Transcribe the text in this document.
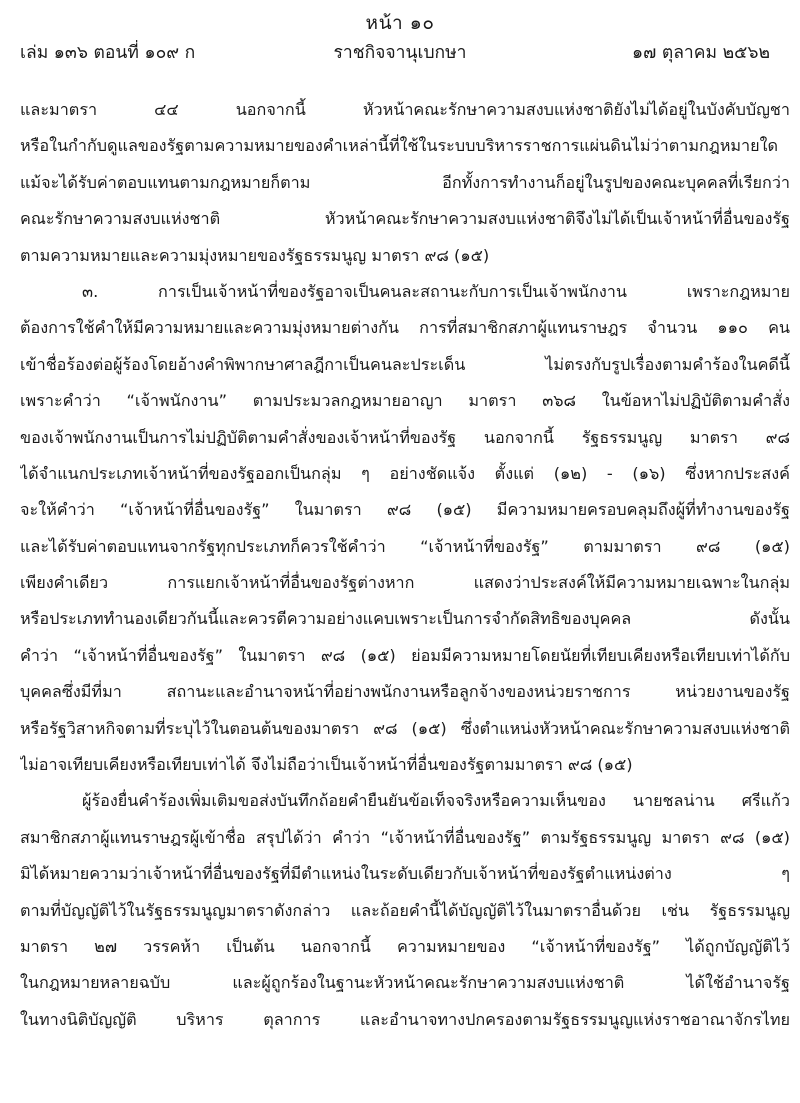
หน้า ๑๐
เล่ม ๑๓๖ ตอนที่ ๑๐๙ ก	ราชกิจจานุเบกษา	๑๗ ตุลาคม ๒๕๖๒
และมาตรา ๔๔ นอกจากนี้ หัวหน้าคณะรักษาความสงบแห่งชาติยังไม่ได้อยู่ในบังคับบัญชา
หรือในกำกับดูแลของรัฐตามความหมายของคำเหล่านี้ที่ใช้ในระบบบริหารราชการแผ่นดินไม่ว่าตามกฎหมายใด
แม้จะได้รับค่าตอบแทนตามกฎหมายก็ตาม อีกทั้งการทำงานก็อยู่ในรูปของคณะบุคคลที่เรียกว่า
คณะรักษาความสงบแห่งชาติ หัวหน้าคณะรักษาความสงบแห่งชาติจึงไม่ได้เป็นเจ้าหน้าที่อื่นของรัฐ
ตามความหมายและความมุ่งหมายของรัฐธรรมนูญ มาตรา ๙๘ (๑๕)
๓. การเป็นเจ้าหน้าที่ของรัฐอาจเป็นคนละสถานะกับการเป็นเจ้าพนักงาน เพราะกฎหมาย
ต้องการใช้คำให้มีความหมายและความมุ่งหมายต่างกัน การที่สมาชิกสภาผู้แทนราษฎร จำนวน ๑๑๐ คน
เข้าชื่อร้องต่อผู้ร้องโดยอ้างคำพิพากษาศาลฎีกาเป็นคนละประเด็น ไม่ตรงกับรูปเรื่องตามคำร้องในคดีนี้
เพราะคำว่า “เจ้าพนักงาน” ตามประมวลกฎหมายอาญา มาตรา ๓๖๘ ในข้อหาไม่ปฏิบัติตามคำสั่ง
ของเจ้าพนักงานเป็นการไม่ปฏิบัติตามคำสั่งของเจ้าหน้าที่ของรัฐ นอกจากนี้ รัฐธรรมนูญ มาตรา ๙๘
ได้จำแนกประเภทเจ้าหน้าที่ของรัฐออกเป็นกลุ่ม ๆ อย่างชัดแจ้ง ตั้งแต่ (๑๒) - (๑๖) ซึ่งหากประสงค์
จะให้คำว่า “เจ้าหน้าที่อื่นของรัฐ” ในมาตรา ๙๘ (๑๕) มีความหมายครอบคลุมถึงผู้ที่ทำงานของรัฐ
และได้รับค่าตอบแทนจากรัฐทุกประเภทก็ควรใช้คำว่า “เจ้าหน้าที่ของรัฐ” ตามมาตรา ๙๘ (๑๕)
เพียงคำเดียว การแยกเจ้าหน้าที่อื่นของรัฐต่างหาก แสดงว่าประสงค์ให้มีความหมายเฉพาะในกลุ่ม
หรือประเภททำนองเดียวกันนี้และควรตีความอย่างแคบเพราะเป็นการจำกัดสิทธิของบุคคล ดังนั้น
คำว่า “เจ้าหน้าที่อื่นของรัฐ” ในมาตรา ๙๘ (๑๕) ย่อมมีความหมายโดยนัยที่เทียบเคียงหรือเทียบเท่าได้กับ
บุคคลซึ่งมีที่มา สถานะและอำนาจหน้าที่อย่างพนักงานหรือลูกจ้างของหน่วยราชการ หน่วยงานของรัฐ
หรือรัฐวิสาหกิจตามที่ระบุไว้ในตอนต้นของมาตรา ๙๘ (๑๕) ซึ่งตำแหน่งหัวหน้าคณะรักษาความสงบแห่งชาติ
ไม่อาจเทียบเคียงหรือเทียบเท่าได้ จึงไม่ถือว่าเป็นเจ้าหน้าที่อื่นของรัฐตามมาตรา ๙๘ (๑๕)
ผู้ร้องยื่นคำร้องเพิ่มเติมขอส่งบันทึกถ้อยคำยืนยันข้อเท็จจริงหรือความเห็นของ นายชลน่าน ศรีแก้ว
สมาชิกสภาผู้แทนราษฎรผู้เข้าชื่อ สรุปได้ว่า คำว่า “เจ้าหน้าที่อื่นของรัฐ” ตามรัฐธรรมนูญ มาตรา ๙๘ (๑๕)
มิได้หมายความว่าเจ้าหน้าที่อื่นของรัฐที่มีตำแหน่งในระดับเดียวกับเจ้าหน้าที่ของรัฐตำแหน่งต่าง ๆ
ตามที่บัญญัติไว้ในรัฐธรรมนูญมาตราดังกล่าว และถ้อยคำนี้ได้บัญญัติไว้ในมาตราอื่นด้วย เช่น รัฐธรรมนูญ
มาตรา ๒๗ วรรคห้า เป็นต้น นอกจากนี้ ความหมายของ “เจ้าหน้าที่ของรัฐ” ได้ถูกบัญญัติไว้
ในกฎหมายหลายฉบับ และผู้ถูกร้องในฐานะหัวหน้าคณะรักษาความสงบแห่งชาติ ได้ใช้อำนาจรัฐ
ในทางนิติบัญญัติ บริหาร ตุลาการ และอำนาจทางปกครองตามรัฐธรรมนูญแห่งราชอาณาจักรไทย
